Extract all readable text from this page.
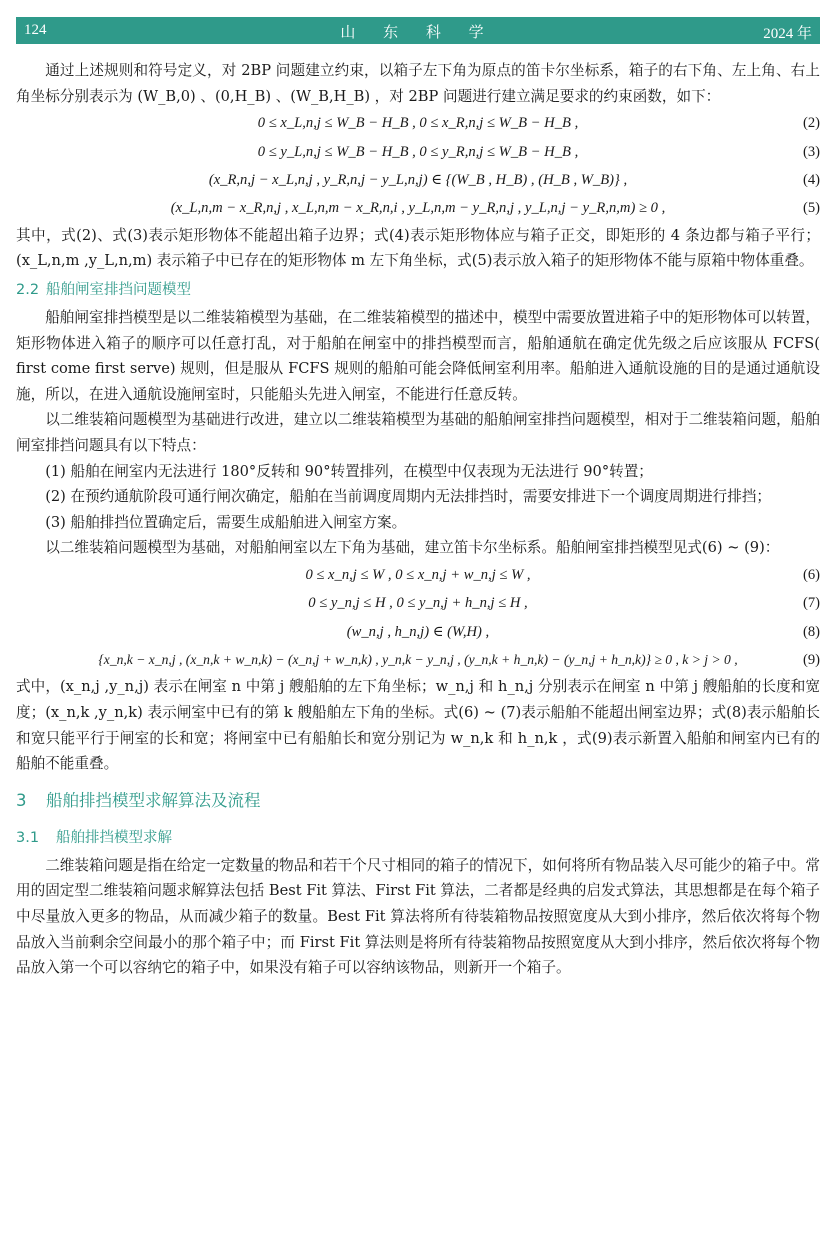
124	山 东 科 学	2024 年

通过上述规则和符号定义，对 2BP 问题建立约束，以箱子左下角为原点的笛卡尔坐标系，箱子的右下角、左上角、右上角坐标分别表示为 (W_B,0) 、(0,H_B) 、(W_B,H_B) ，对 2BP 问题进行建立满足要求的约束函数，如下：

0 ≤ x_L,n,j ≤ W_B − H_B , 0 ≤ x_R,n,j ≤ W_B − H_B ,	(2)
0 ≤ y_L,n,j ≤ W_B − H_B , 0 ≤ y_R,n,j ≤ W_B − H_B ,	(3)
(x_R,n,j − x_L,n,j , y_R,n,j − y_L,n,j) ∈ {(W_B , H_B) , (H_B , W_B)} ,	(4)
(x_L,n,m − x_R,n,j , x_L,n,m − x_R,n,i , y_L,n,m − y_R,n,j , y_L,n,j − y_R,n,m) ≥ 0 ,	(5)

其中，式(2)、式(3)表示矩形物体不能超出箱子边界；式(4)表示矩形物体应与箱子正交，即矩形的 4 条边都与箱子平行；(x_L,n,m ,y_L,n,m) 表示箱子中已存在的矩形物体 m 左下角坐标，式(5)表示放入箱子的矩形物体不能与原箱中物体重叠。

2.2 船舶闸室排挡问题模型

船舶闸室排挡模型是以二维装箱模型为基础，在二维装箱模型的描述中，模型中需要放置进箱子中的矩形物体可以转置，矩形物体进入箱子的顺序可以任意打乱，对于船舶在闸室中的排挡模型而言，船舶通航在确定优先级之后应该服从 FCFS( first come first serve) 规则，但是服从 FCFS 规则的船舶可能会降低闸室利用率。船舶进入通航设施的目的是通过通航设施，所以，在进入通航设施闸室时，只能船头先进入闸室，不能进行任意反转。

以二维装箱问题模型为基础进行改进，建立以二维装箱模型为基础的船舶闸室排挡问题模型，相对于二维装箱问题，船舶闸室排挡问题具有以下特点：

(1) 船舶在闸室内无法进行 180°反转和 90°转置排列，在模型中仅表现为无法进行 90°转置；

(2) 在预约通航阶段可通行闸次确定，船舶在当前调度周期内无法排挡时，需要安排进下一个调度周期进行排挡；

(3) 船舶排挡位置确定后，需要生成船舶进入闸室方案。

以二维装箱问题模型为基础，对船舶闸室以左下角为基础，建立笛卡尔坐标系。船舶闸室排挡模型见式(6) ~ (9)：

0 ≤ x_n,j ≤ W , 0 ≤ x_n,j + w_n,j ≤ W ,	(6)
0 ≤ y_n,j ≤ H , 0 ≤ y_n,j + h_n,j ≤ H ,	(7)
(w_n,j , h_n,j) ∈ (W,H) ,	(8)
{x_n,k − x_n,j , (x_n,k + w_n,k) − (x_n,j + w_n,k) , y_n,k − y_n,j , (y_n,k + h_n,k) − (y_n,j + h_n,k)} ≥ 0 , k > j > 0 ,	(9)

式中，(x_n,j ,y_n,j) 表示在闸室 n 中第 j 艘船舶的左下角坐标；w_n,j 和 h_n,j 分别表示在闸室 n 中第 j 艘船舶的长度和宽度；(x_n,k ,y_n,k) 表示闸室中已有的第 k 艘船舶左下角的坐标。式(6) ~ (7)表示船舶不能超出闸室边界；式(8)表示船舶长和宽只能平行于闸室的长和宽；将闸室中已有船舶长和宽分别记为 w_n,k 和 h_n,k ，式(9)表示新置入船舶和闸室内已有的船舶不能重叠。

3 船舶排挡模型求解算法及流程
3.1 船舶排挡模型求解

二维装箱问题是指在给定一定数量的物品和若干个尺寸相同的箱子的情况下，如何将所有物品装入尽可能少的箱子中。常用的固定型二维装箱问题求解算法包括 Best Fit 算法、First Fit 算法，二者都是经典的启发式算法，其思想都是在每个箱子中尽量放入更多的物品，从而减少箱子的数量。Best Fit 算法将所有待装箱物品按照宽度从大到小排序，然后依次将每个物品放入当前剩余空间最小的那个箱子中；而 First Fit 算法则是将所有待装箱物品按照宽度从大到小排序，然后依次将每个物品放入第一个可以容纳它的箱子中，如果没有箱子可以容纳该物品，则新开一个箱子。
